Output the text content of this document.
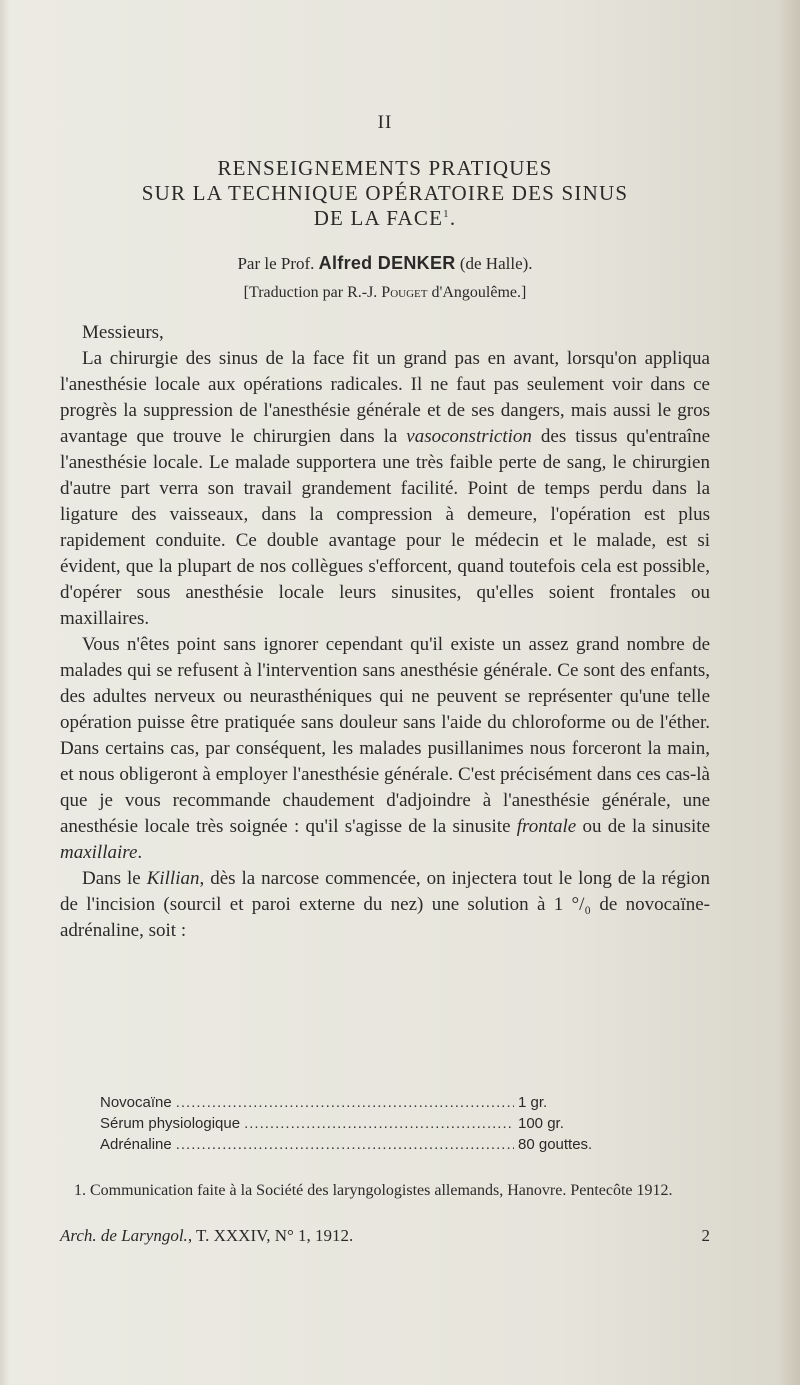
II
RENSEIGNEMENTS PRATIQUES
SUR LA TECHNIQUE OPÉRATOIRE DES SINUS
DE LA FACE$^1$.
Par le Prof. Alfred DENKER (de Halle).
[Traduction par R.-J. Pouget d'Angoulême.]

Messieurs,

La chirurgie des sinus de la face fit un grand pas en avant, lorsqu'on appliqua l'anesthésie locale aux opérations radicales. Il ne faut pas seulement voir dans ce progrès la suppression de l'anesthésie générale et de ses dangers, mais aussi le gros avantage que trouve le chirurgien dans la vasoconstriction des tissus qu'entraîne l'anesthésie locale. Le malade supportera une très faible perte de sang, le chirurgien d'autre part verra son travail grandement facilité. Point de temps perdu dans la ligature des vaisseaux, dans la compression à demeure, l'opération est plus rapidement conduite. Ce double avantage pour le médecin et le malade, est si évident, que la plupart de nos collègues s'efforcent, quand toutefois cela est possible, d'opérer sous anesthésie locale leurs sinusites, qu'elles soient frontales ou maxillaires.

Vous n'êtes point sans ignorer cependant qu'il existe un assez grand nombre de malades qui se refusent à l'intervention sans anesthésie générale. Ce sont des enfants, des adultes nerveux ou neurasthéniques qui ne peuvent se représenter qu'une telle opération puisse être pratiquée sans douleur sans l'aide du chloroforme ou de l'éther. Dans certains cas, par conséquent, les malades pusillanimes nous forceront la main, et nous obligeront à employer l'anesthésie générale. C'est précisément dans ces cas-là que je vous recommande chaudement d'adjoindre à l'anesthésie générale, une anesthésie locale très soignée : qu'il s'agisse de la sinusite frontale ou de la sinusite maxillaire.

Dans le Killian, dès la narcose commencée, on injectera tout le long de la région de l'incision (sourcil et paroi externe du nez) une solution à 1 °/₀ de novocaïne-adrénaline, soit :

Novocaïne .....	1 gr.
Sérum physiologique .....	100 gr.
Adrénaline .....	80 gouttes.

1. Communication faite à la Société des laryngologistes allemands, Hanovre. Pentecôte 1912.

Arch. de Laryngol., T. XXXIV, N° 1, 1912.	2
